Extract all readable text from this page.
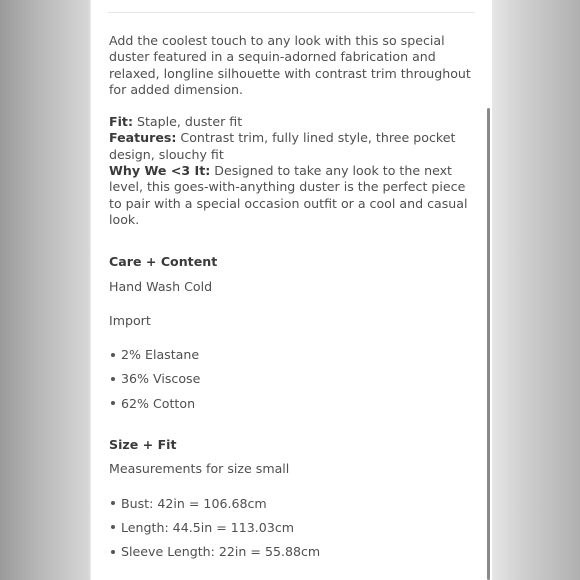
Add the coolest touch to any look with this so special duster featured in a sequin-adorned fabrication and relaxed, longline silhouette with contrast trim throughout for added dimension.

Fit: Staple, duster fit

Features: Contrast trim, fully lined style, three pocket design, slouchy fit

Why We <3 It: Designed to take any look to the next level, this goes-with-anything duster is the perfect piece to pair with a special occasion outfit or a cool and casual look.

Care + Content

Hand Wash Cold

Import

2% Elastane
36% Viscose
62% Cotton

Size + Fit

Measurements for size small

Bust: 42in = 106.68cm
Length: 44.5in = 113.03cm
Sleeve Length: 22in = 55.88cm
